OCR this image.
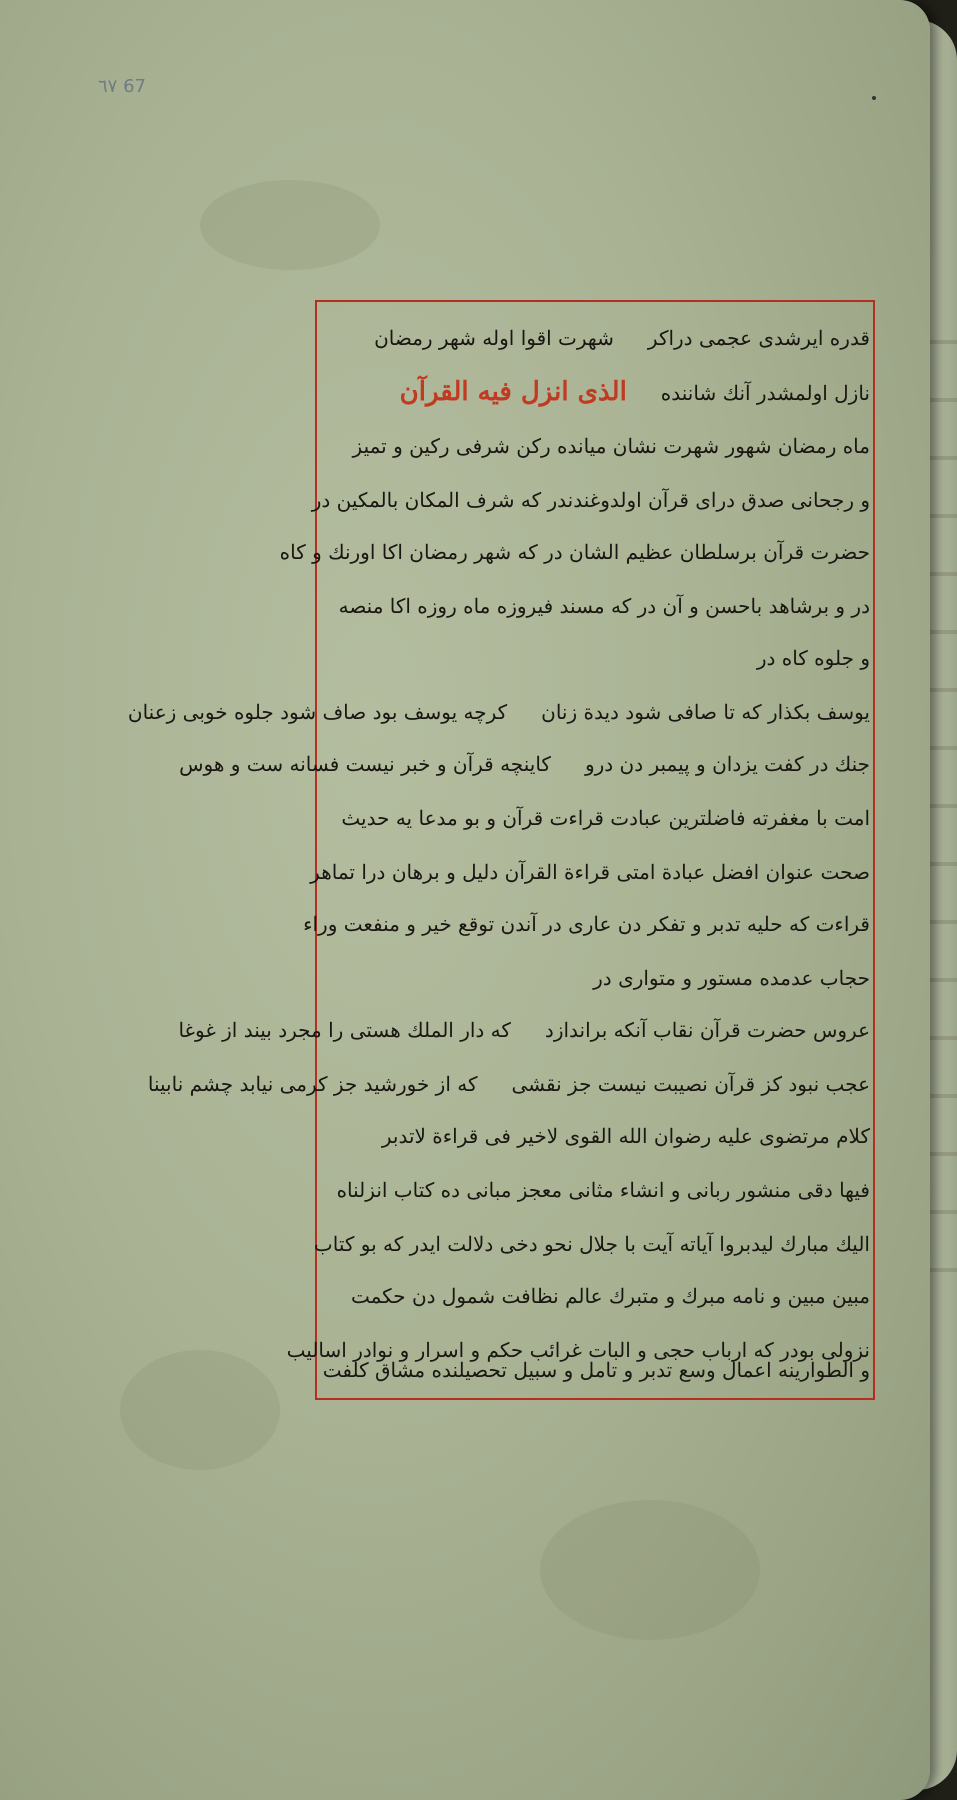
٦٧ 67
قدره ایرشدی عجمی دراکرشهرت اقوا اوله شهر رمضان
نازل اولمشدر آنك شانندهالذی انزل فیه القرآن
ماه رمضان شهور شهرت نشان میانده رکن شرفی رکین و تمیز
و رجحانی صدق درای قرآن اولدوغندندر که شرف المکان بالمکین در
حضرت قرآن برسلطان عظیم الشان در که شهر رمضان اکا اورنك و کاه
در و برشاهد باحسن و آن در که مسند فیروزه ماه روزه اکا منصه
و جلوه کاه در
یوسف بکذار که تا صافی شود دیدة زنانکرچه یوسف بود صاف شود جلوه خوبی زعنان
جنك در کفت یزدان و پیمبر دن دروکاینچه قرآن و خبر نیست فسانه ست و هوس
امت با مغفرته فاضلترین عبادت قراءت قرآن و بو مدعا یه حدیث
صحت عنوان افضل عبادة امتی قراءة القرآن دلیل و برهان درا تماهر
قراءت که حلیه تدبر و تفکر دن عاری در آندن توقع خیر و منفعت وراء
حجاب عدمده مستور و متواری در
عروس حضرت قرآن نقاب آنکه براندازدکه دار الملك هستی را مجرد بیند از غوغا
عجب نبود کز قرآن نصیبت نیست جز نقشیکه از خورشید جز کرمی نیابد چشم نابینا
کلام مرتضوی علیه رضوان الله القوی لاخیر فی قراءة لاتدبر
فیها دقی منشور ربانی و انشاء مثانی معجز مبانی ده کتاب انزلناه
الیك مبارك لیدبروا آیاته آیت با جلال نحو دخی دلالت ایدر که بو کتاب
مبین مبین و نامه مبرك و متبرك عالم نظافت شمول دن حکمت
نزولی بودر که ارباب حجی و البات غرائب حکم و اسرار و نوادر اسالیب
و الطوارینه اعمال وسع تدبر و تامل و سبیل تحصیلنده مشاق کلفت
